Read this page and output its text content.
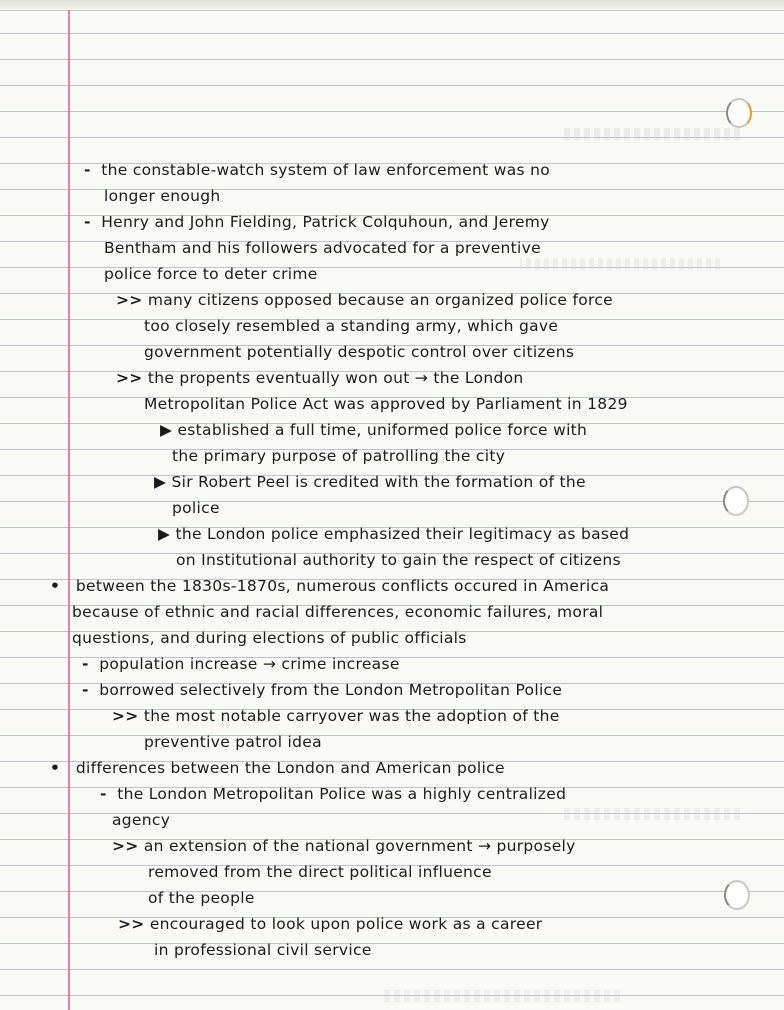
- the constable-watch system of law enforcement was no

longer enough

- Henry and John Fielding, Patrick Colquhoun, and Jeremy

Bentham and his followers advocated for a preventive

police force to deter crime

>> many citizens opposed because an organized police force

too closely resembled a standing army, which gave

government potentially despotic control over citizens

>> the propents eventually won out → the London

Metropolitan Police Act was approved by Parliament in 1829

▶ established a full time, uniformed police force with

the primary purpose of patrolling the city

▶ Sir Robert Peel is credited with the formation of the

police

▶ the London police emphasized their legitimacy as based

on Institutional authority to gain the respect of citizens

• between the 1830s-1870s, numerous conflicts occured in America

because of ethnic and racial differences, economic failures, moral

questions, and during elections of public officials

- population increase → crime increase

- borrowed selectively from the London Metropolitan Police

>> the most notable carryover was the adoption of the

preventive patrol idea

• differences between the London and American police

- the London Metropolitan Police was a highly centralized

agency

>> an extension of the national government → purposely

removed from the direct political influence

of the people

>> encouraged to look upon police work as a career

in professional civil service
